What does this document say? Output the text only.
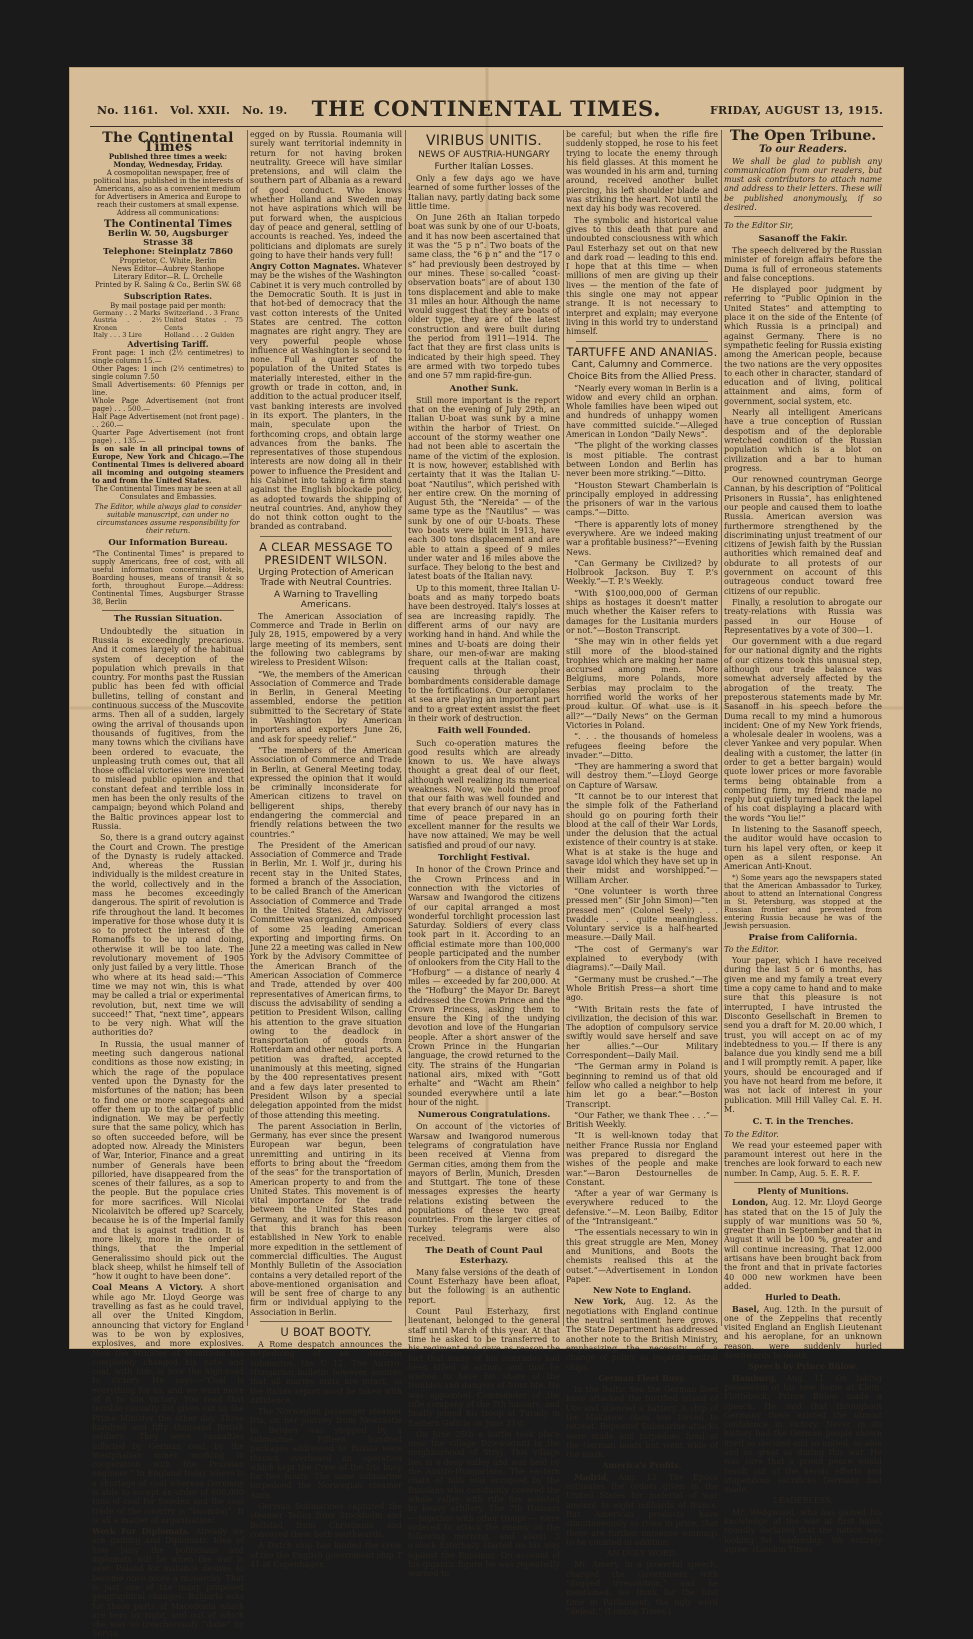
No. 1161. Vol. XXII. No. 19.	THE CONTINENTAL TIMES.	FRIDAY, AUGUST 13, 1915.
The Continental Times
Published three times a week: Monday, Wednesday, Friday.
A cosmopolitan newspaper, free of political bias, published in the interests of Americans, also as a convenient medium for Advertisers in America and Europe to reach their customers at small expense. Address all communications:
The Continental Times
Berlin W. 50, Augsburger Strasse 38
Telephone: Steinplatz 7860
Proprietor, C. White, Berlin
News Editor—Aubrey Stanhope
Literary Editor—R. L. Orchelle
Printed by R. Saling & Co., Berlin SW. 68
Subscription Rates.
By mail postage paid per month:
Germany . . 2 Marks	Switzerland . . 3 Franc
Austria . . 2½ Kronen	United States . 75 Cents
Italy . . . 3 Lire	Holland . . . 2 Gulden
Advertising Tariff.
Front page: 1 inch (2½ centimetres) to single column 15.—
Other Pages: 1 inch (2½ centimetres) to single column 7.50
Small Advertisements: 60 Pfennigs per line.
Whole Page Advertisement (not front page) . . . 500.—
Half Page Advertisement (not front page) . . . 260.—
Quarter Page Advertisement (not front page) . . 135.—
Is on sale in all principal towns of Europe, New York and Chicago.—The Continental Times is delivered aboard all incoming and outgoing steamers to and from the United States.
The Continental Times may be seen at all Consulates and Embassies.
The Editor, while always glad to consider suitable manuscript, can under no circumstances assume responsibility for their return.
Our Information Bureau.
“The Continental Times” is prepared to supply Americans, free of cost, with all useful information concerning Hotels, Boarding houses, means of transit & so forth, throughout Europe.—Address: Continental Times, Augsburger Strasse 38, Berlin
The Russian Situation.

Undoubtedly the situation in Russia is exceedingly precarious. And it comes largely of the habitual system of deception of the population which prevails in that country. For months past the Russian public has been fed with official bulletins, telling of constant and continuous success of the Muscovite arms. Then all of a sudden, largely owing the arrival of thousands upon thousands of fugitives, from the many towns which the civilians have been ordered to evacuate, the unpleasing truth comes out, that all those official victories were invented to mislead public opinion and that constant defeat and terrible loss in men has been the only results of the campaign; beyond which Poland and the Baltic provinces appear lost to Russia.

So, there is a grand outcry against the Court and Crown. The prestige of the Dynasty is rudely attacked. And, whereas the Russian individually is the mildest creature in the world, collectively and in the mass he becomes exceedingly dangerous. The spirit of revolution is rife throughout the land. It becomes imperative for those whose duty it is so to protect the interest of the Romanoffs to be up and doing, otherwise it will be too late. The revolutionary movement of 1905 only just failed by a very little. Those who where at its head said:—“This time we may not win, this is what may be called a trial or experimental revolution, but, next time we will succeed!” That, “next time”, appears to be very nigh. What will the authorities do?

In Russia, the usual manner of meeting such dangerous national conditions as those now existing; in which the rage of the populace vented upon the Dynasty for the misfortunes of the nation; has been to find one or more scapegoats and offer them up to the altar of public indignation. We may be perfectly sure that the same policy, which has so often succeeded before, will be adopted now. Already the Ministers of War, Interior, Finance and a great number of Generals have been pilloried, have disappeared from the scenes of their failures, as a sop to the people. But the populace cries for more sacrifices. Will Nicolai Nicolaivitch be offered up? Scarcely, because he is of the Imperial family and that is against tradition. It is more likely, more in the order of things, that the Imperial Generalissimo should pick out the black sheep, whilst he himself tell of “how it ought to have been done”.

Coal Means A Victory. A short while ago Mr. Lloyd George was travelling as fast as he could travel, all over the United Kingdom, announcing that victory for England was to be won by explosives, explosives, and more explosives. Now the Minister of Munitions has completely changed his note and coal, with him, is now the high-road to victory. He says:—“Coal is everything for us, and we want more of it to win victory. You read that terrible casualty list given out by the Prime Minister the other day. Three hundred and fifty thousand British soldiers. They were casualties inflicted by German coal, by the Westphalian miner, working in cooperation with the Prussian engineer.” In England today where is a shortage of coal whereas Germany is able to accept an order of 600,000 tons of coal for Sweden and the coal trade of the country is “booming”. It is all a matter of organisation!

Work For Diplomats. Already we are gaining and Diplomats. Idea of how busy the politicians and diplomats will be when the war is over. Poland for instance desires to become once more a monarchy. That is just one of the many proposed geographical changes. Bulgaria asks for those parts of Macedonia which are hers by right, and out of which she was so treacherously “done” by Servia,

egged on by Russia. Roumania will surely want territorial indemnity in return for not having broken neutrality. Greece will have similar pretensions, and will claim the southern part of Albania as a reward of good conduct. Who knows whether Holland and Sweden may not have aspirations which will be put forward when, the auspicious day of peace and general, settling of accounts is reached. Yes, indeed the politicians and diplomats are surely going to have their hands very full!

Angry Cotton Magnates. Whatever may be the wishes of the Washington Cabinet it is very much controlled by the Democratic South. It is just in that hot-bed of democracy that the vast cotton interests of the United States are centred. The cotton magnates are right angry. They are very powerful people whose influence at Washington is second to none. Full a quarter of the population of the United States is materially interested, either in the growth or trade in cotton, and, in addition to the actual producer itself, vast banking interests are involved in its export. The planters, in the main, speculate upon the forthcoming crops, and obtain large advances from the banks. The representatives of those stupendous interests are now doing all in their power to influence the President and his Cabinet into taking a firm stand against the English blockade policy, as adopted towards the shipping of neutral countries. And, anyhow they do not think cotton ought to the branded as contraband.

A CLEAR MESSAGE TO PRESIDENT WILSON.
Urging Protection of American Trade with Neutral Countries.
A Warning to Travelling Americans.

The American Association of Commerce and Trade in Berlin on July 28, 1915, empowered by a very large meeting of its members, sent the following two cablegrams by wireless to President Wilson:

“We, the members of the American Association of Commerce and Trade in Berlin, in General Meeting assembled, endorse the petition submitted to the Secretary of State in Washington by American importers and exporters June 26, and ask for speedy relief.”

“The members of the American Association of Commerce and Trade in Berlin, at General Meeting today, expressed the opinion that it would be criminally inconsiderate for American citizens to travel on belligerent ships, thereby endangering the commercial and friendly relations between the two countries.”

The President of the American Association of Commerce and Trade in Berlin, Mr. I. Wolf jr., during his recent stay in the United States, formed a branch of the Association, to be called Branch of the American Association of Commerce and Trade in the United States. An Advisory Committee was organized, composed of some 25 leading American exporting and importing firms. On June 22 a meeting was called in New York by the Advisory Committee of the American Branch of the American Association of Commerce and Trade, attended by over 400 representatives of American firms, to discuss the advisability of sending a petition to President Wilson, calling his attention to the grave situation owing to the deadlock in transportation of goods from Rotterdam and other neutral ports. A petition was drafted, accepted unanimously at this meeting, signed by the 400 representatives present and a few days later presented to President Wilson by a special delegation appointed from the midst of those attending this meeting.

The parent Association in Berlin, Germany, has ever since the present European war begun, been unremitting and untiring in its efforts to bring about the “freedom of the seas” for the transportation of American property to and from the United States. This movement is of vital importance for the trade between the United States and Germany, and it was for this reason that this branch has been established in New York to enable more expedition in the settlement of commercial difficulties. The August Monthly Bulletin of the Association contains a very detailed report of the above-mentioned organisation and will be sent free of charge to any firm or individual applying to the Association in Berlin.

U BOAT BOOTY.

A Rome despatch announces the torpedoing of an Austrian submarine, the U 12. The Austro-Hungarian bulletin however assures that all marine units are intact, so the Italian report must be taken with diffidence.

The Norwegian passenger steamer Iris, on her journey from Newcastle to Bergen was stopped by a submarine. Fifteen hundred packages addressed to Russia were thrown overboard an operation which kept the Crew of the Iris busy for two hours. The same submarine torpedoed the Norwegian steamer Aura.

German Submarines captured the steamer Tellus from Stockholm and Bollstad from Christiania and conveyed them both southwards.

A Dutch ship has landed the crew of the the English government ship T 41 at Copenhagen.

VIRIBUS UNITIS.
NEWS OF AUSTRIA-HUNGARY
Further Italian Losses.

Only a few days ago we have learned of some further losses of the Italian navy, partly dating back some little time.

On June 26th an Italian torpedo boat was sunk by one of our U-boats, and it has now been ascertained that it was the “5 p n”. Two boats of the same class, the “6 p n” and the “17 o s” had previously been destroyed by our mines. These so-called “coast-observation boats” are of about 130 tons displacement and able to make 31 miles an hour. Although the name would suggest that they are boats of older type, they are of the latest construction and were built during the period from 1911—1914. The fact that they are first class units is indicated by their high speed. They are armed with two torpedo tubes and one 57 mm rapid-fire-gun.

Another Sunk.

Still more important is the report that on the evening of July 29th, an Italian U-boat was sunk by a mine within the harbor of Triest. On account of the stormy weather one had not been able to ascertain the name of the victim of the explosion. It is now, however, established with certainty that it was the Italian U-boat “Nautilus”, which perished with her entire crew. On the morning of August 5th, the “Nereida” — of the same type as the “Nautilus” — was sunk by one of our U-boats. These two boats were built in 1913, have each 300 tons displacement and are able to attain a speed of 9 miles under water and 16 miles above the surface. They belong to the best and latest boats of the Italian navy.

Up to this moment, three Italian U-boats and as many torpedo boats have been destroyed. Italy's losses at sea are increasing rapidly. The different arms of our navy are working hand in hand. And while the mines and U-boats are doing their share, our men-of-war are making frequent calls at the Italian coast, causing through their bombardments considerable damage to the fortifications. Our aeroplanes at sea are playing an important part and to a great extent assist the fleet in their work of destruction.

Faith well Founded.

Such co-operation matures the good results which are already known to us. We have always thought a great deal of our fleet, although well realizing its numerical weakness. Now, we hold the proof that our faith was well founded and that every branch of our navy has in time of peace prepared in an excellent manner for the results we have now attained. We may be well satisfied and proud of our navy.

Torchlight Festival.

In honor of the Crown Prince and the Crown Princess and in connection with the victories of Warsaw and Iwangorod the citizens of our capital arranged a most wonderful torchlight procession last Saturday. Soldiers of every class took part in it. According to an official estimate more than 100,000 people participated and the number of onlookers from the City Hall to the “Hofburg” — a distance of nearly 4 miles — exceeded by far 200,000. At the “Hofburg” the Mayor Dr. Bareyt addressed the Crown Prince and the Crown Princess, asking them to ensure the King of the undying devotion and love of the Hungarian people. After a short answer of the Crown Prince in the Hungarian language, the crowd returned to the city. The strains of the Hungarian national airs, mixed with “Gott erhalte” and “Wacht am Rhein” sounded everywhere until a late hour of the night.

Numerous Congratulations.

On account of the victories of Warsaw and Iwangorod numerous telegrams of congratulation have been received at Vienna from German cities, among them from the mayors of Berlin, Munich, Dresden and Stuttgart. The tone of these messages expresses the hearty relations existing between the populations of these two great countries. From the larger cities of Turkey telegrams were also received.

The Death of Count Paul Esterhazy.

Many false versions of the death of Count Esterhazy have been afloat, but the following is an authentic report.

Count Paul Esterhazy, first lieutenant, belonged to the general staff until March of this year. At that time he asked to be transferred to his regiment and gave as reason the fact that many of his comrades had been killed in action, and that he wished to have his share of the troubles and dangers of front life. He was appointed Commander of the rifle company of the 7th hussars, and finally joined his troop at Turady in Eastern Galicia on June 21st.

On June 25th a battle took place near the village Dziewietniti in the neighborhood of Stryj. This village lies in a deep valley and was held by the Austro-Hungarians. The eastern chain of hills was occupied by the Russians who constantly covered the whole valley with rifle fire assisted by heavy artillery. The 7th Hussars — together with other troops — were ordered to attack the enemy on the following morning, and about 3 o'clock Esterhazy started on his way against the Russians. On account of his gigantic figure he was repeatedly warned to

be careful; but when the rifle fire suddenly stopped, he rose to his feet trying to locate the enemy through his field glasses. At this moment he was wounded in his arm and, turning around, received another bullet piercing, his left shoulder blade and was striking the heart. Not until the next day his body was recovered.

The symbolic and historical value gives to this death that pure and undoubted consciousness with which Paul Esterhazy set out on that new and dark road — leading to this end. I hope that at this time — when millions of men are giving up their lives — the mention of the fate of this single one may not appear strange. It is not necessary to interpret and explain; may everyone living in this world try to understand himself.

TARTUFFE AND ANANIAS.
Cant, Calumny and Commerce.
Choice Bits from the Allied Press.

“Nearly every woman in Berlin is a widow and every child an orphan. Whole families have been wiped out and hundreds of unhappy women have committed suicide.”—Alleged American in London “Daily News”.

“The plight of the working classes is most pitiable. The contrast between London and Berlin has never been more striking.”—Ditto.

“Houston Stewart Chamberlain is principally employed in addressing the prisoners of war in the various camps.”—Ditto.

“There is apparently lots of money everywhere. Are we indeed making war a profitable business?”—Evening News.

“Can Germany be Civilized? by Holbrook Jackson. Buy T. P.'s Weekly.”—T. P.'s Weekly.

“With $100,000,000 of German ships as hostages it doesn't matter much whether the Kaiser refers to damages for the Lusitania murders or not.”—Boston Transcript.

“She may win in other fields yet still more of the blood-stained trophies which are making her name accursed among men. More Belgiums, more Polands, more Serbias may proclaim to the horrified world the works of her proud kultur. Of what use is it all?”—“Daily News” on the German Victories in Poland.

“. . . the thousands of homeless refugees fleeing before the invader.”—Ditto.

“They are hammering a sword that will destroy them.”—Lloyd George on Capture of Warsaw.

“It cannot be to our interest that the simple folk of the Fatherland should go on pouring forth their blood at the call of their War Lords, under the delusion that the actual existence of their country is at stake. What is at stake is the huge and savage idol which they have set up in their midst and worshipped.”—William Archer.

“One volunteer is worth three pressed men” (Sir John Simon)—“ten pressed men” (Colonel Seely) . . . twaddle . . . quite meaningless. Voluntary service is a half-hearted measure.—Daily Mail.

“The cost of Germany's war explained to everybody (with diagrams).”—Daily Mail.

“Germany must be crushed.”—The Whole British Press—a short time ago.

“With Britain rests the fate of civilization, the decision of this war. The adoption of compulsory service swiftly would save herself and save her allies.”—Our Military Correspondent—Daily Mail.

“The German army in Poland is beginning to remind us of that old fellow who called a neighbor to help him let go a bear.”—Boston Transcript.

“Our Father, we thank Thee . . .”—British Weekly.

“It is well-known today that neither France Russia nor England was prepared to disregard the wishes of the people and make war.”—Baron Destournelles de Constant.

“After a year of war Germany is everywhere reduced to the defensive.”—M. Leon Bailby, Editor of the “Intransigeant.”

“The essentials necessary to win in this great struggle are Men, Money and Munitions, and Boots the chemists realised this at the outset.”—Advertisement in London Paper.

New Note to England.

New York, Aug. 12. As the negotiations with England continue the neutral sentiment here grows. The State Department has addressed another note to the British Ministry, emphasizing the necessity of a change of policy as regards neutral ships.

German Fleet Busy.

In the Baltic Sea the German fleet have attacked the fortified island of Uto and silenced a battery. A ship of the Makarow class was forced to retreat. Repeated Submarine attacks were made and torpedoes fired at the German boats but went wide of the mark.

America's Profits.

Madrid, Aug. 12. The Epoca estimates the orders given in the United States for material of war amount to eight milliards of francs. But American products have simultaneously so risen in price, that there are further immense winnings to be counted in addition.

AN UGLY WORD.

Mr. Amery, in a powerful speech, charged the Government with “dogged irresolution,” and he mentioned, we think for the first time in Parliament, the ugly word “defeat.” (London Times.)

The Open Tribune.
To our Readers.

We shall be glad to publish any communication from our readers, but must ask contributors to attach name and address to their letters. These will be published anonymously, if so desired.

To the Editor Sir,

Sasanoff the Fakir.

The speech delivered by the Russian minister of foreign affairs before the Duma is full of erroneous statements and false conceptions.

He displayed poor judgment by referring to “Public Opinion in the United States” and attempting to place it on the side of the Entente (of which Russia is a principal) and against Germany. There is no sympathetic feeling for Russia existing among the American people, because the two nations are the very opposites to each other in character, standard of education and of living, political attainment and aims, form of government, social system, etc.

Nearly all intelligent Americans have a true conception of Russian despotism and of the deplorable wretched condition of the Russian population which is a blot on civilization and a bar to human progress.

Our renowned countryman George Cannan, by his description of “Political Prisoners in Russia”, has enlightened our people and caused them to loathe Russia. American aversion was furthermore strengthened by the discriminating unjust treatment of our citizens of Jewish faith by the Russian authorities which remained deaf and obdurate to all protests of our government on account of this outrageous conduct toward free citizens of our republic.

Finally, a resolution to abrogate our treaty-relations with Russia was passed in our House of Representatives by a vote of 300—1.

Our government with a due regard for our national dignity and the rights of our citizens took this unusual step, although our trade balance was somewhat adversely affected by the abrogation of the treaty. The preposterous statements made by Mr. Sasanoff in his speech before the Duma recall to my mind a humorous incident: One of my New York friends, a wholesale dealer in woolens, was a clever Yankee and very popular. When dealing with a customer, the latter (in order to get a better bargain) would quote lower prices or more favorable terms being obtainable from a competing firm, my friend made no reply but quietly turned back the lapel of his coat displaying a placard with the words “You lie!”

In listening to the Sasanoff speech, the auditor would have occasion to turn his lapel very often, or keep it open as a silent response. An American Anti-Knout.

*) Some years ago the newspapers stated that the American Ambassador to Turkey, about to attend an International Congress in St. Petersburg, was stopped at the Russian frontier and prevented from entering Russia because he was of the Jewish persuasion.

Praise from California.

To the Editor.

Your paper, which I have received during the last 5 or 6 months, has given me and my family a treat every time a copy came to hand and to make sure that this pleasure is not interrupted, I have intrusted the Disconto Gesellschaft in Bremen to send you a draft for M. 20.00 which, I trust, you will accept on ac of my indebtedness to you.— If there is any balance due you kindly send me a bill and I will promptly remit. A paper, like yours, should be encouraged and if you have not heard from me before, it was not lack of interest in your publication. Mill Hill Valley Cal. E. H. M.

C. T. in the Trenches.

To the Editor.

We read your esteemed paper with paramount interest out here in the trenches are look forward to each new number. In Camp, Aug. 5. E. R. F.

Plenty of Munitions.

London, Aug. 12. Mr. Lloyd George has stated that on the 15 of July the supply of war munitions was 50 %, greater than in September and that in August it will be 100 %, greater and will continue increasing. That 12.000 artisans have been brought back from the front and that in private factories 40 000 new workmen have been added.

Hurled to Death.

Basel, Aug. 12th. In the pursuit of one of the Zeppelins that recently visited England an English Lieutenant and his aeroplane, for an unknown reason, were suddenly hurled downwards to death.

Speech by Prince Bülow.

Hamburg, Aug. 11. On taking possession of his new home at Klein-Flottebeck, Prince Bülow made a speech. He said that throughout Germany there existed the utmost confidence in victory. Never in its history had the German people shown itself so decided and so united, so able and so great as during this war. He was sure that a proud peace would result out of the heroic efforts and stupendous sacrifices Germany had made.

LEADERLESS.

Mr. Wedgwood, who has gained his knowledge of the war at first hand, roundly declared that the nation was looking for leadership. We entirely agree. (London Times
